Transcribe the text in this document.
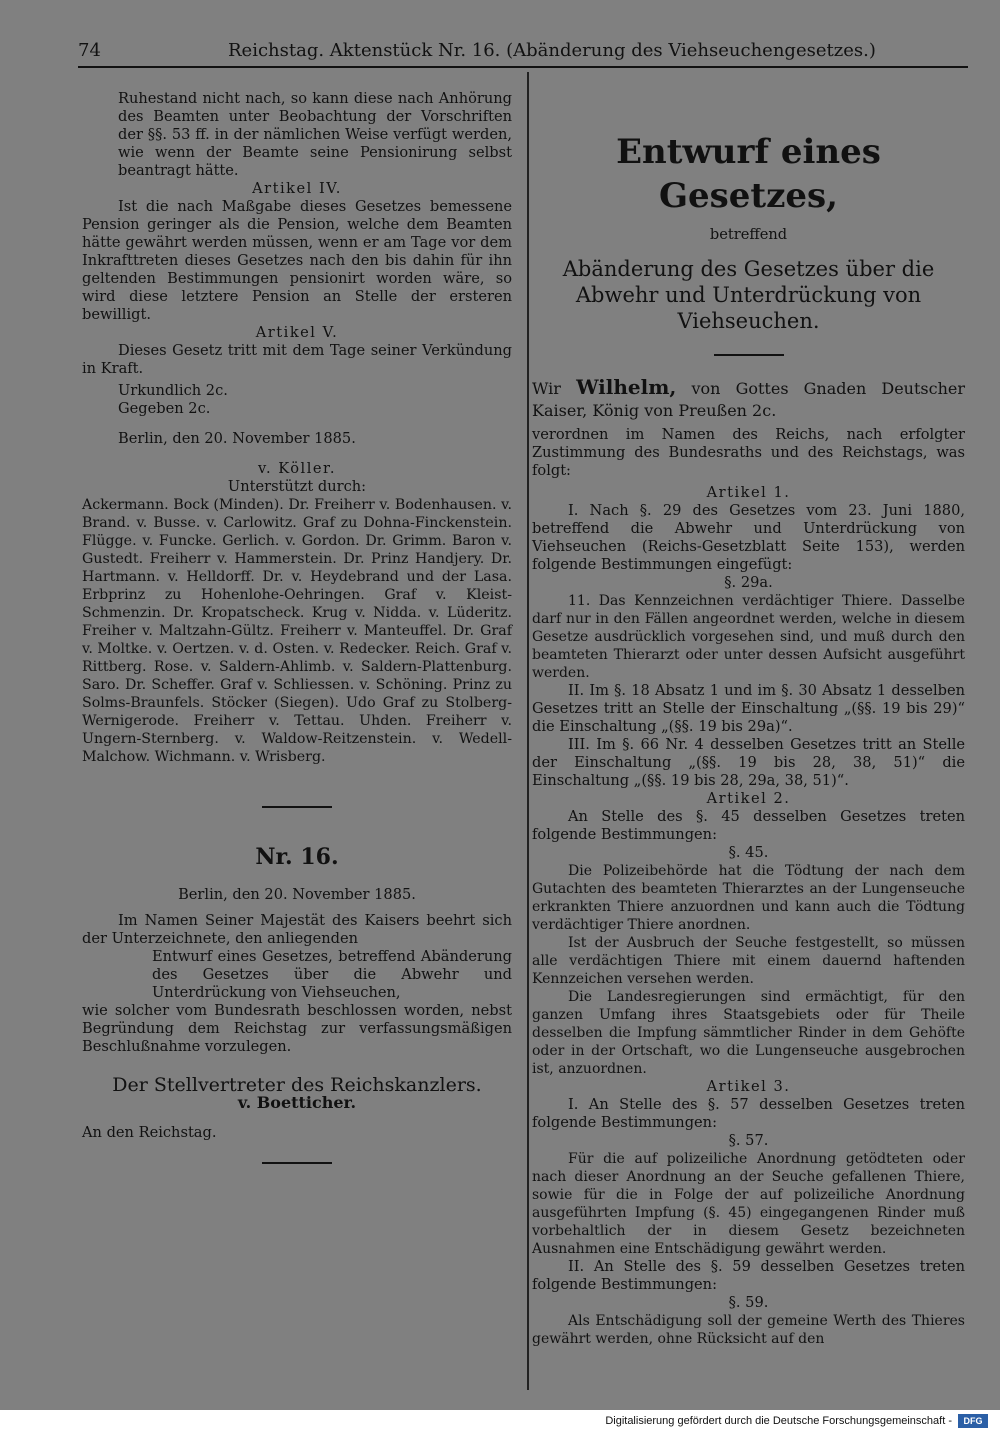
74	Reichstag. Aktenstück Nr. 16. (Abänderung des Viehseuchengesetzes.)

Ruhestand nicht nach, so kann diese nach Anhörung des Beamten unter Beobachtung der Vorschriften der §§. 53 ff. in der nämlichen Weise verfügt werden, wie wenn der Beamte seine Pensionirung selbst beantragt hätte.

Artikel IV.

Ist die nach Maßgabe dieses Gesetzes bemessene Pension geringer als die Pension, welche dem Beamten hätte gewährt werden müssen, wenn er am Tage vor dem Inkrafttreten dieses Gesetzes nach den bis dahin für ihn geltenden Bestimmungen pensionirt worden wäre, so wird diese letztere Pension an Stelle der ersteren bewilligt.

Artikel V.

Dieses Gesetz tritt mit dem Tage seiner Verkündung in Kraft.

Urkundlich 2c.

Gegeben 2c.

Berlin, den 20. November 1885.

v. Köller.

Unterstützt durch:

Ackermann. Bock (Minden). Dr. Freiherr v. Bodenhausen. v. Brand. v. Busse. v. Carlowitz. Graf zu Dohna-Finckenstein. Flügge. v. Funcke. Gerlich. v. Gordon. Dr. Grimm. Baron v. Gustedt. Freiherr v. Hammerstein. Dr. Prinz Handjery. Dr. Hartmann. v. Helldorff. Dr. v. Heydebrand und der Lasa. Erbprinz zu Hohenlohe-Oehringen. Graf v. Kleist-Schmenzin. Dr. Kropatscheck. Krug v. Nidda. v. Lüderitz. Freiher v. Maltzahn-Gültz. Freiherr v. Manteuffel. Dr. Graf v. Moltke. v. Oertzen. v. d. Osten. v. Redecker. Reich. Graf v. Rittberg. Rose. v. Saldern-Ahlimb. v. Saldern-Plattenburg. Saro. Dr. Scheffer. Graf v. Schliessen. v. Schöning. Prinz zu Solms-Braunfels. Stöcker (Siegen). Udo Graf zu Stolberg-Wernigerode. Freiherr v. Tettau. Uhden. Freiherr v. Ungern-Sternberg. v. Waldow-Reitzenstein. v. Wedell-Malchow. Wichmann. v. Wrisberg.

Nr. 16.

Berlin, den 20. November 1885.

Im Namen Seiner Majestät des Kaisers beehrt sich der Unterzeichnete, den anliegenden

Entwurf eines Gesetzes, betreffend Abänderung des Gesetzes über die Abwehr und Unterdrückung von Viehseuchen,

wie solcher vom Bundesrath beschlossen worden, nebst Begründung dem Reichstag zur verfassungsmäßigen Beschlußnahme vorzulegen.

Der Stellvertreter des Reichskanzlers.

v. Boetticher.

An den Reichstag.

Entwurf eines Gesetzes,

betreffend

Abänderung des Gesetzes über die Abwehr und Unterdrückung von Viehseuchen.

Wir Wilhelm, von Gottes Gnaden Deutscher Kaiser, König von Preußen 2c.

verordnen im Namen des Reichs, nach erfolgter Zustimmung des Bundesraths und des Reichstags, was folgt:

Artikel 1.

I. Nach §. 29 des Gesetzes vom 23. Juni 1880, betreffend die Abwehr und Unterdrückung von Viehseuchen (Reichs-Gesetzblatt Seite 153), werden folgende Bestimmungen eingefügt:

§. 29a.

11. Das Kennzeichnen verdächtiger Thiere. Dasselbe darf nur in den Fällen angeordnet werden, welche in diesem Gesetze ausdrücklich vorgesehen sind, und muß durch den beamteten Thierarzt oder unter dessen Aufsicht ausgeführt werden.

II. Im §. 18 Absatz 1 und im §. 30 Absatz 1 desselben Gesetzes tritt an Stelle der Einschaltung „(§§. 19 bis 29)“ die Einschaltung „(§§. 19 bis 29a)“.

III. Im §. 66 Nr. 4 desselben Gesetzes tritt an Stelle der Einschaltung „(§§. 19 bis 28, 38, 51)“ die Einschaltung „(§§. 19 bis 28, 29a, 38, 51)“.

Artikel 2.

An Stelle des §. 45 desselben Gesetzes treten folgende Bestimmungen:

§. 45.

Die Polizeibehörde hat die Tödtung der nach dem Gutachten des beamteten Thierarztes an der Lungenseuche erkrankten Thiere anzuordnen und kann auch die Tödtung verdächtiger Thiere anordnen.

Ist der Ausbruch der Seuche festgestellt, so müssen alle verdächtigen Thiere mit einem dauernd haftenden Kennzeichen versehen werden.

Die Landesregierungen sind ermächtigt, für den ganzen Umfang ihres Staatsgebiets oder für Theile desselben die Impfung sämmtlicher Rinder in dem Gehöfte oder in der Ortschaft, wo die Lungenseuche ausgebrochen ist, anzuordnen.

Artikel 3.

I. An Stelle des §. 57 desselben Gesetzes treten folgende Bestimmungen:

§. 57.

Für die auf polizeiliche Anordnung getödteten oder nach dieser Anordnung an der Seuche gefallenen Thiere, sowie für die in Folge der auf polizeiliche Anordnung ausgeführten Impfung (§. 45) eingegangenen Rinder muß vorbehaltlich der in diesem Gesetz bezeichneten Ausnahmen eine Entschädigung gewährt werden.

II. An Stelle des §. 59 desselben Gesetzes treten folgende Bestimmungen:

§. 59.

Als Entschädigung soll der gemeine Werth des Thieres gewährt werden, ohne Rücksicht auf den

Digitalisierung gefördert durch die Deutsche Forschungsgemeinschaft -	DFG
